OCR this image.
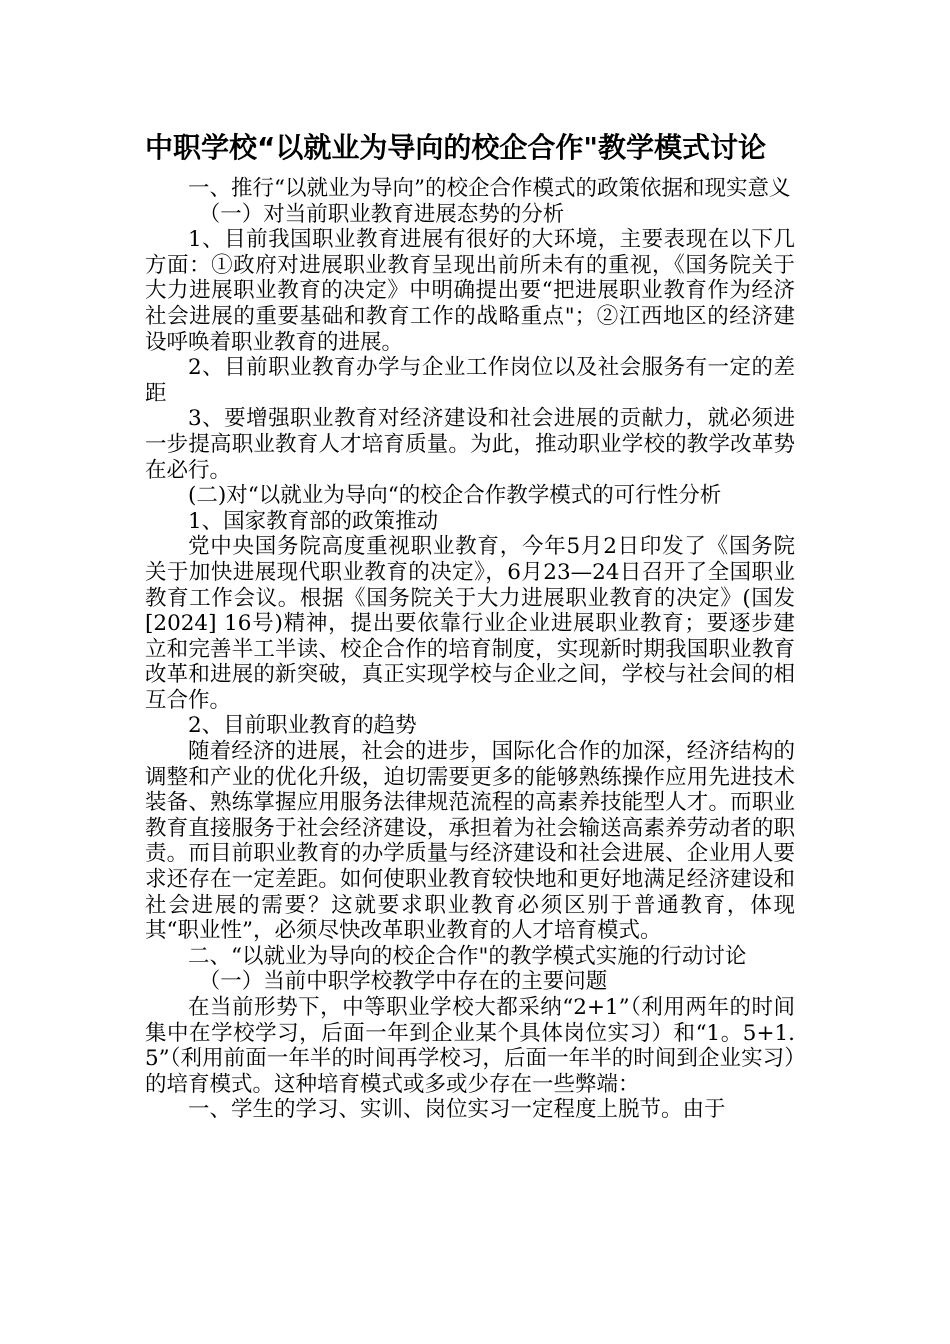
中职学校“以就业为导向的校企合作"教学模式讨论

一、推行“以就业为导向”的校企合作模式的政策依据和现实意义

（一）对当前职业教育进展态势的分析

1、目前我国职业教育进展有很好的大环境，主要表现在以下几方面：①政府对进展职业教育呈现出前所未有的重视，《国务院关于大力进展职业教育的决定》中明确提出要“把进展职业教育作为经济社会进展的重要基础和教育工作的战略重点"；②江西地区的经济建设呼唤着职业教育的进展。

2、目前职业教育办学与企业工作岗位以及社会服务有一定的差距

3、要增强职业教育对经济建设和社会进展的贡献力，就必须进一步提高职业教育人才培育质量。为此，推动职业学校的教学改革势在必行。

(二)对“以就业为导向“的校企合作教学模式的可行性分析

1、国家教育部的政策推动

党中央国务院高度重视职业教育，今年5月2日印发了《国务院关于加快进展现代职业教育的决定》，6月23—24日召开了全国职业教育工作会议。根据《国务院关于大力进展职业教育的决定》(国发[2024] 16号)精神，提出要依靠行业企业进展职业教育；要逐步建立和完善半工半读、校企合作的培育制度，实现新时期我国职业教育改革和进展的新突破，真正实现学校与企业之间，学校与社会间的相互合作。

2、目前职业教育的趋势

随着经济的进展，社会的进步，国际化合作的加深，经济结构的调整和产业的优化升级，迫切需要更多的能够熟练操作应用先进技术装备、熟练掌握应用服务法律规范流程的高素养技能型人才。而职业教育直接服务于社会经济建设，承担着为社会输送高素养劳动者的职责。而目前职业教育的办学质量与经济建设和社会进展、企业用人要求还存在一定差距。如何使职业教育较快地和更好地满足经济建设和社会进展的需要？这就要求职业教育必须区别于普通教育，体现其“职业性”，必须尽快改革职业教育的人才培育模式。

二、“以就业为导向的校企合作"的教学模式实施的行动讨论

（一）当前中职学校教学中存在的主要问题

在当前形势下，中等职业学校大都采纳“2+1”（利用两年的时间集中在学校学习，后面一年到企业某个具体岗位实习）和“1。5+1.5”（利用前面一年半的时间再学校习，后面一年半的时间到企业实习）的培育模式。这种培育模式或多或少存在一些弊端：

一、学生的学习、实训、岗位实习一定程度上脱节。由于
